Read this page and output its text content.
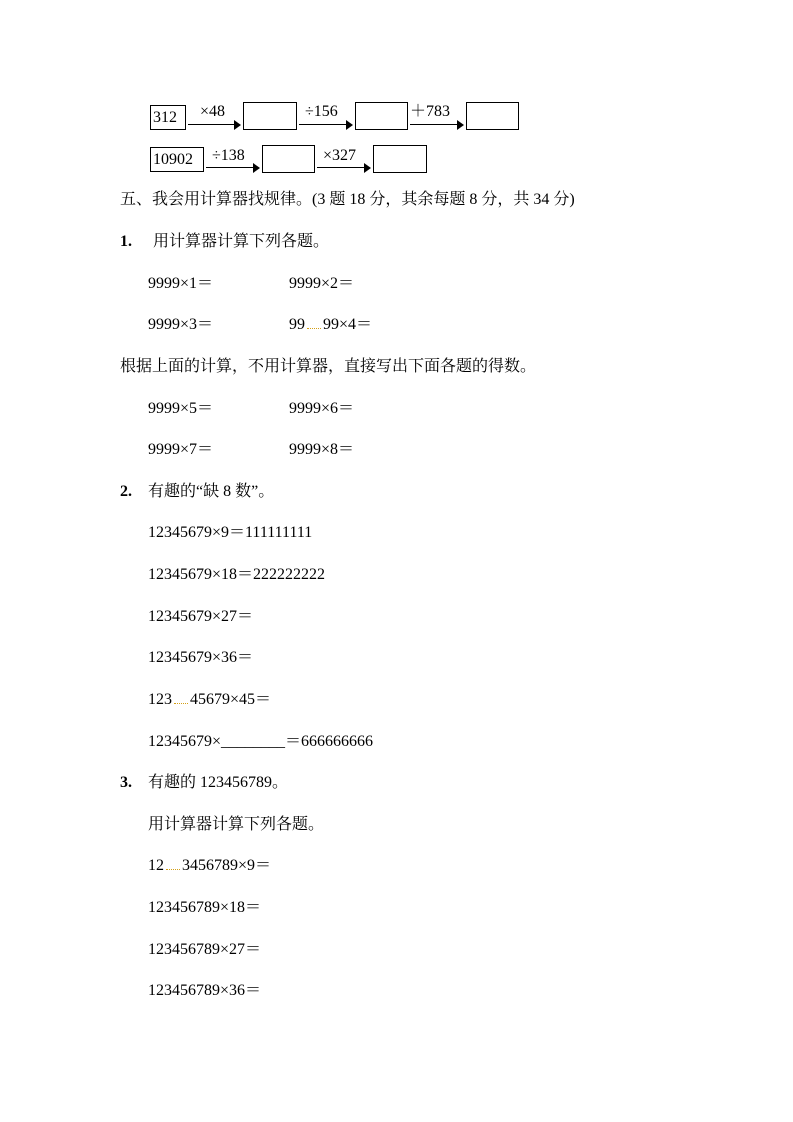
312	×48	÷156	＋783
10902	÷138	×327
五、我会用计算器找规律。(3 题 18 分，其余每题 8 分，共 34 分)
1. 用计算器计算下列各题。
9999×1＝	9999×2＝
9999×3＝	99 99×4＝
根据上面的计算，不用计算器，直接写出下面各题的得数。
9999×5＝	9999×6＝
9999×7＝	9999×8＝
2. 有趣的“缺 8 数”。
12345679×9＝111111111
12345679×18＝222222222
12345679×27＝
12345679×36＝
123 45679×45＝
12345679×________＝666666666
3. 有趣的 123456789。
用计算器计算下列各题。
12 3456789×9＝
123456789×18＝
123456789×27＝
123456789×36＝
